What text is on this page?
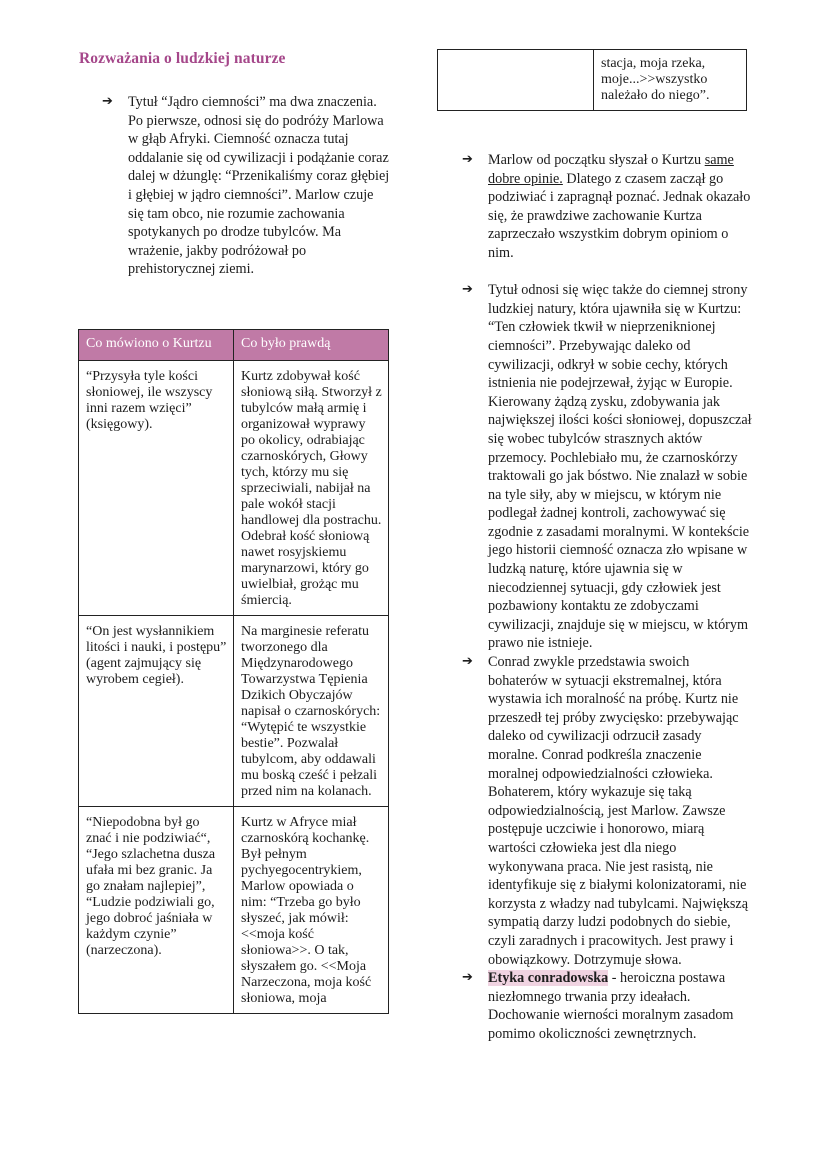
Rozważania o ludzkiej naturze
➔ Tytuł “Jądro ciemności” ma dwa znaczenia. Po pierwsze, odnosi się do podróży Marlowa w głąb Afryki. Ciemność oznacza tutaj oddalanie się od cywilizacji i podążanie coraz dalej w dżunglę: “Przenikaliśmy coraz głębiej i głębiej w jądro ciemności”. Marlow czuje się tam obco, nie rozumie zachowania spotykanych po drodze tubylców. Ma wrażenie, jakby podróżował po prehistorycznej ziemi.
Co mówiono o Kurtzu	Co było prawdą
“Przysyła tyle kości słoniowej, ile wszyscy inni razem wzięci” (księgowy).	Kurtz zdobywał kość słoniową siłą. Stworzył z tubylców małą armię i organizował wyprawy po okolicy, odrabiając czarnoskórych, Głowy tych, którzy mu się sprzeciwiali, nabijał na pale wokół stacji handlowej dla postrachu. Odebrał kość słoniową nawet rosyjskiemu marynarzowi, który go uwielbiał, grożąc mu śmiercią.
“On jest wysłannikiem litości i nauki, i postępu” (agent zajmujący się wyrobem cegieł).	Na marginesie referatu tworzonego dla Międzynarodowego Towarzystwa Tępienia Dzikich Obyczajów napisał o czarnoskórych: “Wytępić te wszystkie bestie”. Pozwalał tubylcom, aby oddawali mu boską cześć i pełzali przed nim na kolanach.
“Niepodobna był go znać i nie podziwiać“, “Jego szlachetna dusza ufała mi bez granic. Ja go znałam najlepiej”, “Ludzie podziwiali go, jego dobroć jaśniała w każdym czynie” (narzeczona).	Kurtz w Afryce miał czarnoskórą kochankę. Był pełnym pychyegocentrykiem, Marlow opowiada o nim: “Trzeba go było słyszeć, jak mówił: <<moja kość słoniowa>>. O tak, słyszałem go. <<Moja Narzeczona, moja kość słoniowa, moja
	stacja, moja rzeka, moje...>>wszystko należało do niego”.
➔ Marlow od początku słyszał o Kurtzu same dobre opinie. Dlatego z czasem zaczął go podziwiać i zapragnął poznać. Jednak okazało się, że prawdziwe zachowanie Kurtza zaprzeczało wszystkim dobrym opiniom o nim.
➔ Tytuł odnosi się więc także do ciemnej strony ludzkiej natury, która ujawniła się w Kurtzu: “Ten człowiek tkwił w nieprzeniknionej ciemności”. Przebywając daleko od cywilizacji, odkrył w sobie cechy, których istnienia nie podejrzewał, żyjąc w Europie. Kierowany żądzą zysku, zdobywania jak największej ilości kości słoniowej, dopuszczał się wobec tubylców strasznych aktów przemocy. Pochlebiało mu, że czarnoskórzy traktowali go jak bóstwo. Nie znalazł w sobie na tyle siły, aby w miejscu, w którym nie podlegał żadnej kontroli, zachowywać się zgodnie z zasadami moralnymi. W kontekście jego historii ciemność oznacza zło wpisane w ludzką naturę, które ujawnia się w niecodziennej sytuacji, gdy człowiek jest pozbawiony kontaktu ze zdobyczami cywilizacji, znajduje się w miejscu, w którym prawo nie istnieje.
➔ Conrad zwykle przedstawia swoich bohaterów w sytuacji ekstremalnej, która wystawia ich moralność na próbę. Kurtz nie przeszedł tej próby zwycięsko: przebywając daleko od cywilizacji odrzucił zasady moralne. Conrad podkreśla znaczenie moralnej odpowiedzialności człowieka. Bohaterem, który wykazuje się taką odpowiedzialnością, jest Marlow. Zawsze postępuje uczciwie i honorowo, miarą wartości człowieka jest dla niego wykonywana praca. Nie jest rasistą, nie identyfikuje się z białymi kolonizatorami, nie korzysta z władzy nad tubylcami. Największą sympatią darzy ludzi podobnych do siebie, czyli zaradnych i pracowitych. Jest prawy i obowiązkowy. Dotrzymuje słowa.
➔ Etyka conradowska - heroiczna postawa niezłomnego trwania przy ideałach. Dochowanie wierności moralnym zasadom pomimo okoliczności zewnętrznych.
